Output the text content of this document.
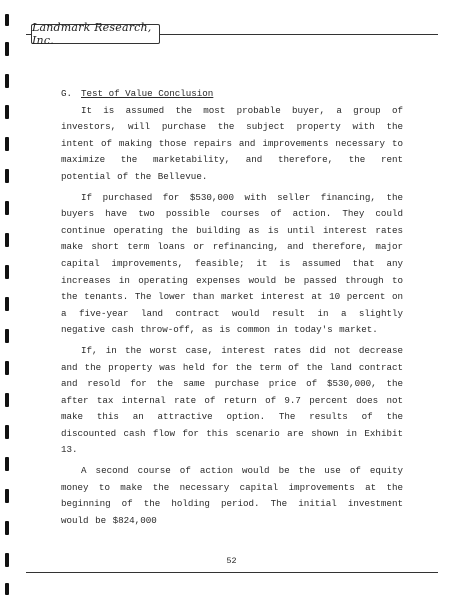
Landmark Research, Inc.
G. Test of Value Conclusion

It is assumed the most probable buyer, a group of investors, will purchase the subject property with the intent of making those repairs and improvements necessary to maximize the marketability, and therefore, the rent potential of the Bellevue.

If purchased for $530,000 with seller financing, the buyers have two possible courses of action. They could continue operating the building as is until interest rates make short term loans or refinancing, and therefore, major capital improvements, feasible; it is assumed that any increases in operating expenses would be passed through to the tenants. The lower than market interest at 10 percent on a five-year land contract would result in a slightly negative cash throw-off, as is common in today's market.

If, in the worst case, interest rates did not decrease and the property was held for the term of the land contract and resold for the same purchase price of $530,000, the after tax internal rate of return of 9.7 percent does not make this an attractive option. The results of the discounted cash flow for this scenario are shown in Exhibit 13.

A second course of action would be the use of equity money to make the necessary capital improvements at the beginning of the holding period. The initial investment would be $824,000

52
